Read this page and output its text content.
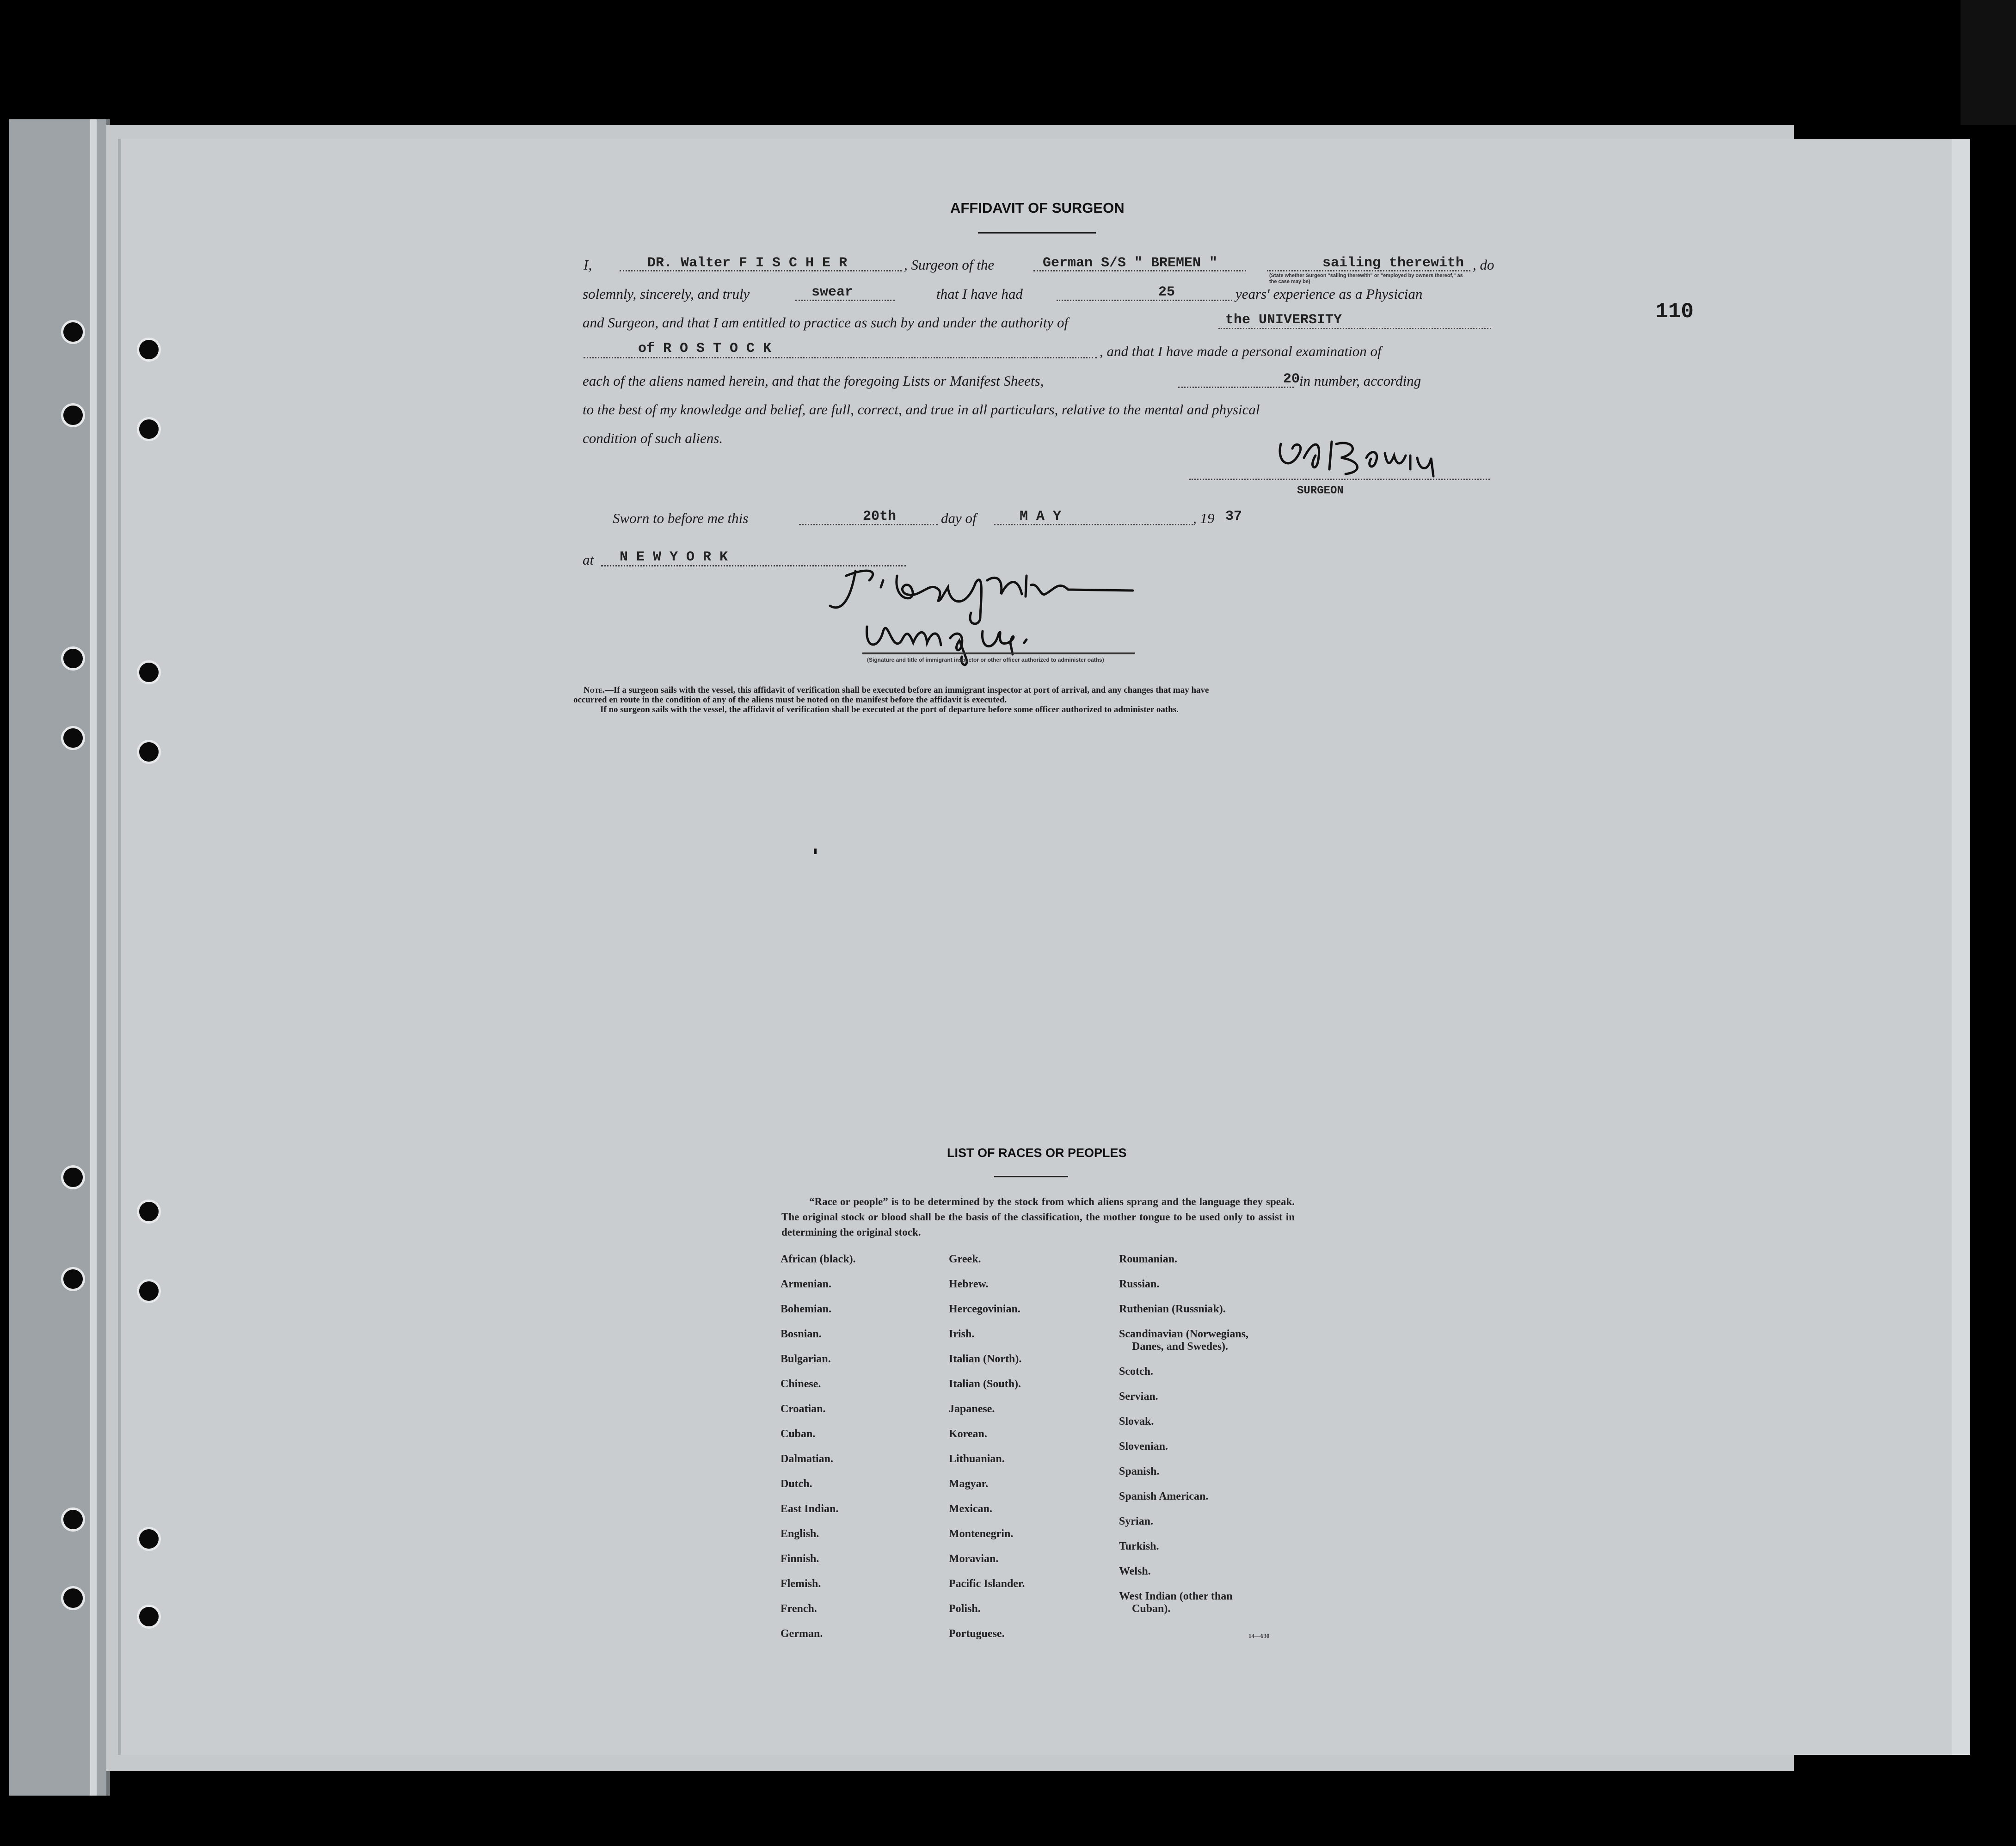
AFFIDAVIT OF SURGEON
I,	DR. Walter F I S C H E R	, Surgeon of the	German S/S " BREMEN "	sailing therewith , do
(State whether Surgeon "sailing therewith" or "employed by owners thereof," as the case may be)
solemnly, sincerely, and truly	swear	that I have had	25	years' experience as a Physician
and Surgeon, and that I am entitled to practice as such by and under the authority of	the UNIVERSITY
of R O S T O C K	, and that I have made a personal examination of
each of the aliens named herein, and that the foregoing Lists or Manifest Sheets,	20
in number, according
to the best of my knowledge and belief, are full, correct, and true in all particulars, relative to the mental and physical
condition of such aliens.
SURGEON
Sworn to before me this	20th	day of	M A Y	, 19 37
at N E W Y O R K
(Signature and title of immigrant inspector or other officer authorized to administer oaths)
Note.—If a surgeon sails with the vessel, this affidavit of verification shall be executed before an immigrant inspector at port of arrival, and any changes that may have
occurred en route in the condition of any of the aliens must be noted on the manifest before the affidavit is executed.
If no surgeon sails with the vessel, the affidavit of verification shall be executed at the port of departure before some officer authorized to administer oaths.
110
LIST OF RACES OR PEOPLES
“Race or people” is to be determined by the stock from which aliens sprang and the language they speak. The original stock or blood shall be the basis of the classification, the mother tongue to be used only to assist in determining the original stock.
African (black).
Armenian.
Bohemian.
Bosnian.
Bulgarian.
Chinese.
Croatian.
Cuban.
Dalmatian.
Dutch.
East Indian.
English.
Finnish.
Flemish.
French.
German.
Greek.
Hebrew.
Hercegovinian.
Irish.
Italian (North).
Italian (South).
Japanese.
Korean.
Lithuanian.
Magyar.
Mexican.
Montenegrin.
Moravian.
Pacific Islander.
Polish.
Portuguese.
Roumanian.
Russian.
Ruthenian (Russniak).
Scandinavian (Norwegians,
Danes, and Swedes).
Scotch.
Servian.
Slovak.
Slovenian.
Spanish.
Spanish American.
Syrian.
Turkish.
Welsh.
West Indian (other than
Cuban).
14—630
